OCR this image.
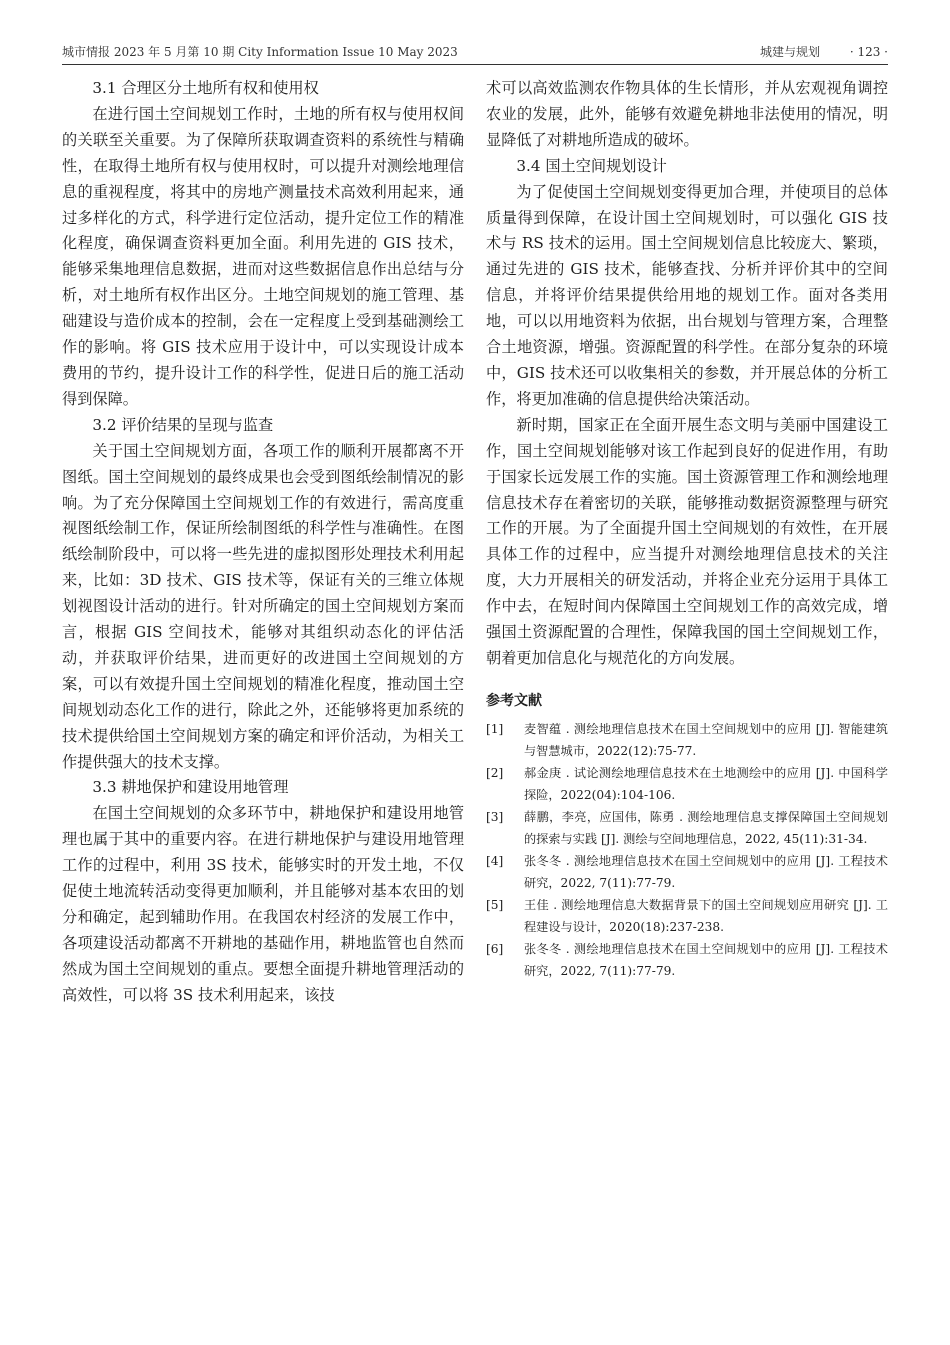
城市情报 2023 年 5 月第 10 期 City Information Issue 10 May 2023	城建与规划 · 123 ·
3.1 合理区分土地所有权和使用权

在进行国土空间规划工作时，土地的所有权与使用权间的关联至关重要。为了保障所获取调查资料的系统性与精确性，在取得土地所有权与使用权时，可以提升对测绘地理信息的重视程度，将其中的房地产测量技术高效利用起来，通过多样化的方式，科学进行定位活动，提升定位工作的精准化程度，确保调查资料更加全面。利用先进的 GIS 技术，能够采集地理信息数据，进而对这些数据信息作出总结与分析，对土地所有权作出区分。土地空间规划的施工管理、基础建设与造价成本的控制，会在一定程度上受到基础测绘工作的影响。将 GIS 技术应用于设计中，可以实现设计成本费用的节约，提升设计工作的科学性，促进日后的施工活动得到保障。

3.2 评价结果的呈现与监查

关于国土空间规划方面，各项工作的顺利开展都离不开图纸。国土空间规划的最终成果也会受到图纸绘制情况的影响。为了充分保障国土空间规划工作的有效进行，需高度重视图纸绘制工作，保证所绘制图纸的科学性与准确性。在图纸绘制阶段中，可以将一些先进的虚拟图形处理技术利用起来，比如：3D 技术、GIS 技术等，保证有关的三维立体规划视图设计活动的进行。针对所确定的国土空间规划方案而言，根据 GIS 空间技术，能够对其组织动态化的评估活动，并获取评价结果，进而更好的改进国土空间规划的方案，可以有效提升国土空间规划的精准化程度，推动国土空间规划动态化工作的进行，除此之外，还能够将更加系统的技术提供给国土空间规划方案的确定和评价活动，为相关工作提供强大的技术支撑。

3.3 耕地保护和建设用地管理

在国土空间规划的众多环节中，耕地保护和建设用地管理也属于其中的重要内容。在进行耕地保护与建设用地管理工作的过程中，利用 3S 技术，能够实时的开发土地，不仅促使土地流转活动变得更加顺利，并且能够对基本农田的划分和确定，起到辅助作用。在我国农村经济的发展工作中，各项建设活动都离不开耕地的基础作用，耕地监管也自然而然成为国土空间规划的重点。要想全面提升耕地管理活动的高效性，可以将 3S 技术利用起来，该技

术可以高效监测农作物具体的生长情形，并从宏观视角调控农业的发展，此外，能够有效避免耕地非法使用的情况，明显降低了对耕地所造成的破坏。

3.4 国土空间规划设计

为了促使国土空间规划变得更加合理，并使项目的总体质量得到保障，在设计国土空间规划时，可以强化 GIS 技术与 RS 技术的运用。国土空间规划信息比较庞大、繁琐，通过先进的 GIS 技术，能够查找、分析并评价其中的空间信息，并将评价结果提供给用地的规划工作。面对各类用地，可以以用地资料为依据，出台规划与管理方案，合理整合土地资源，增强。资源配置的科学性。在部分复杂的环境中，GIS 技术还可以收集相关的参数，并开展总体的分析工作，将更加准确的信息提供给决策活动。

新时期，国家正在全面开展生态文明与美丽中国建设工作，国土空间规划能够对该工作起到良好的促进作用，有助于国家长远发展工作的实施。国土资源管理工作和测绘地理信息技术存在着密切的关联，能够推动数据资源整理与研究工作的开展。为了全面提升国土空间规划的有效性，在开展具体工作的过程中，应当提升对测绘地理信息技术的关注度，大力开展相关的研发活动，并将企业充分运用于具体工作中去，在短时间内保障国土空间规划工作的高效完成，增强国土资源配置的合理性，保障我国的国土空间规划工作，朝着更加信息化与规范化的方向发展。

参考文献
[1] 麦智蕴 . 测绘地理信息技术在国土空间规划中的应用 [J]. 智能建筑与智慧城市，2022(12):75-77.
[2] 郝金庚 . 试论测绘地理信息技术在土地测绘中的应用 [J]. 中国科学探险，2022(04):104-106.
[3] 薛鹏，李亮，应国伟，陈勇 . 测绘地理信息支撑保障国土空间规划的探索与实践 [J]. 测绘与空间地理信息，2022, 45(11):31-34.
[4] 张冬冬 . 测绘地理信息技术在国土空间规划中的应用 [J]. 工程技术研究，2022, 7(11):77-79.
[5] 王佳 . 测绘地理信息大数据背景下的国土空间规划应用研究 [J]. 工程建设与设计，2020(18):237-238.
[6] 张冬冬 . 测绘地理信息技术在国土空间规划中的应用 [J]. 工程技术研究，2022, 7(11):77-79.
